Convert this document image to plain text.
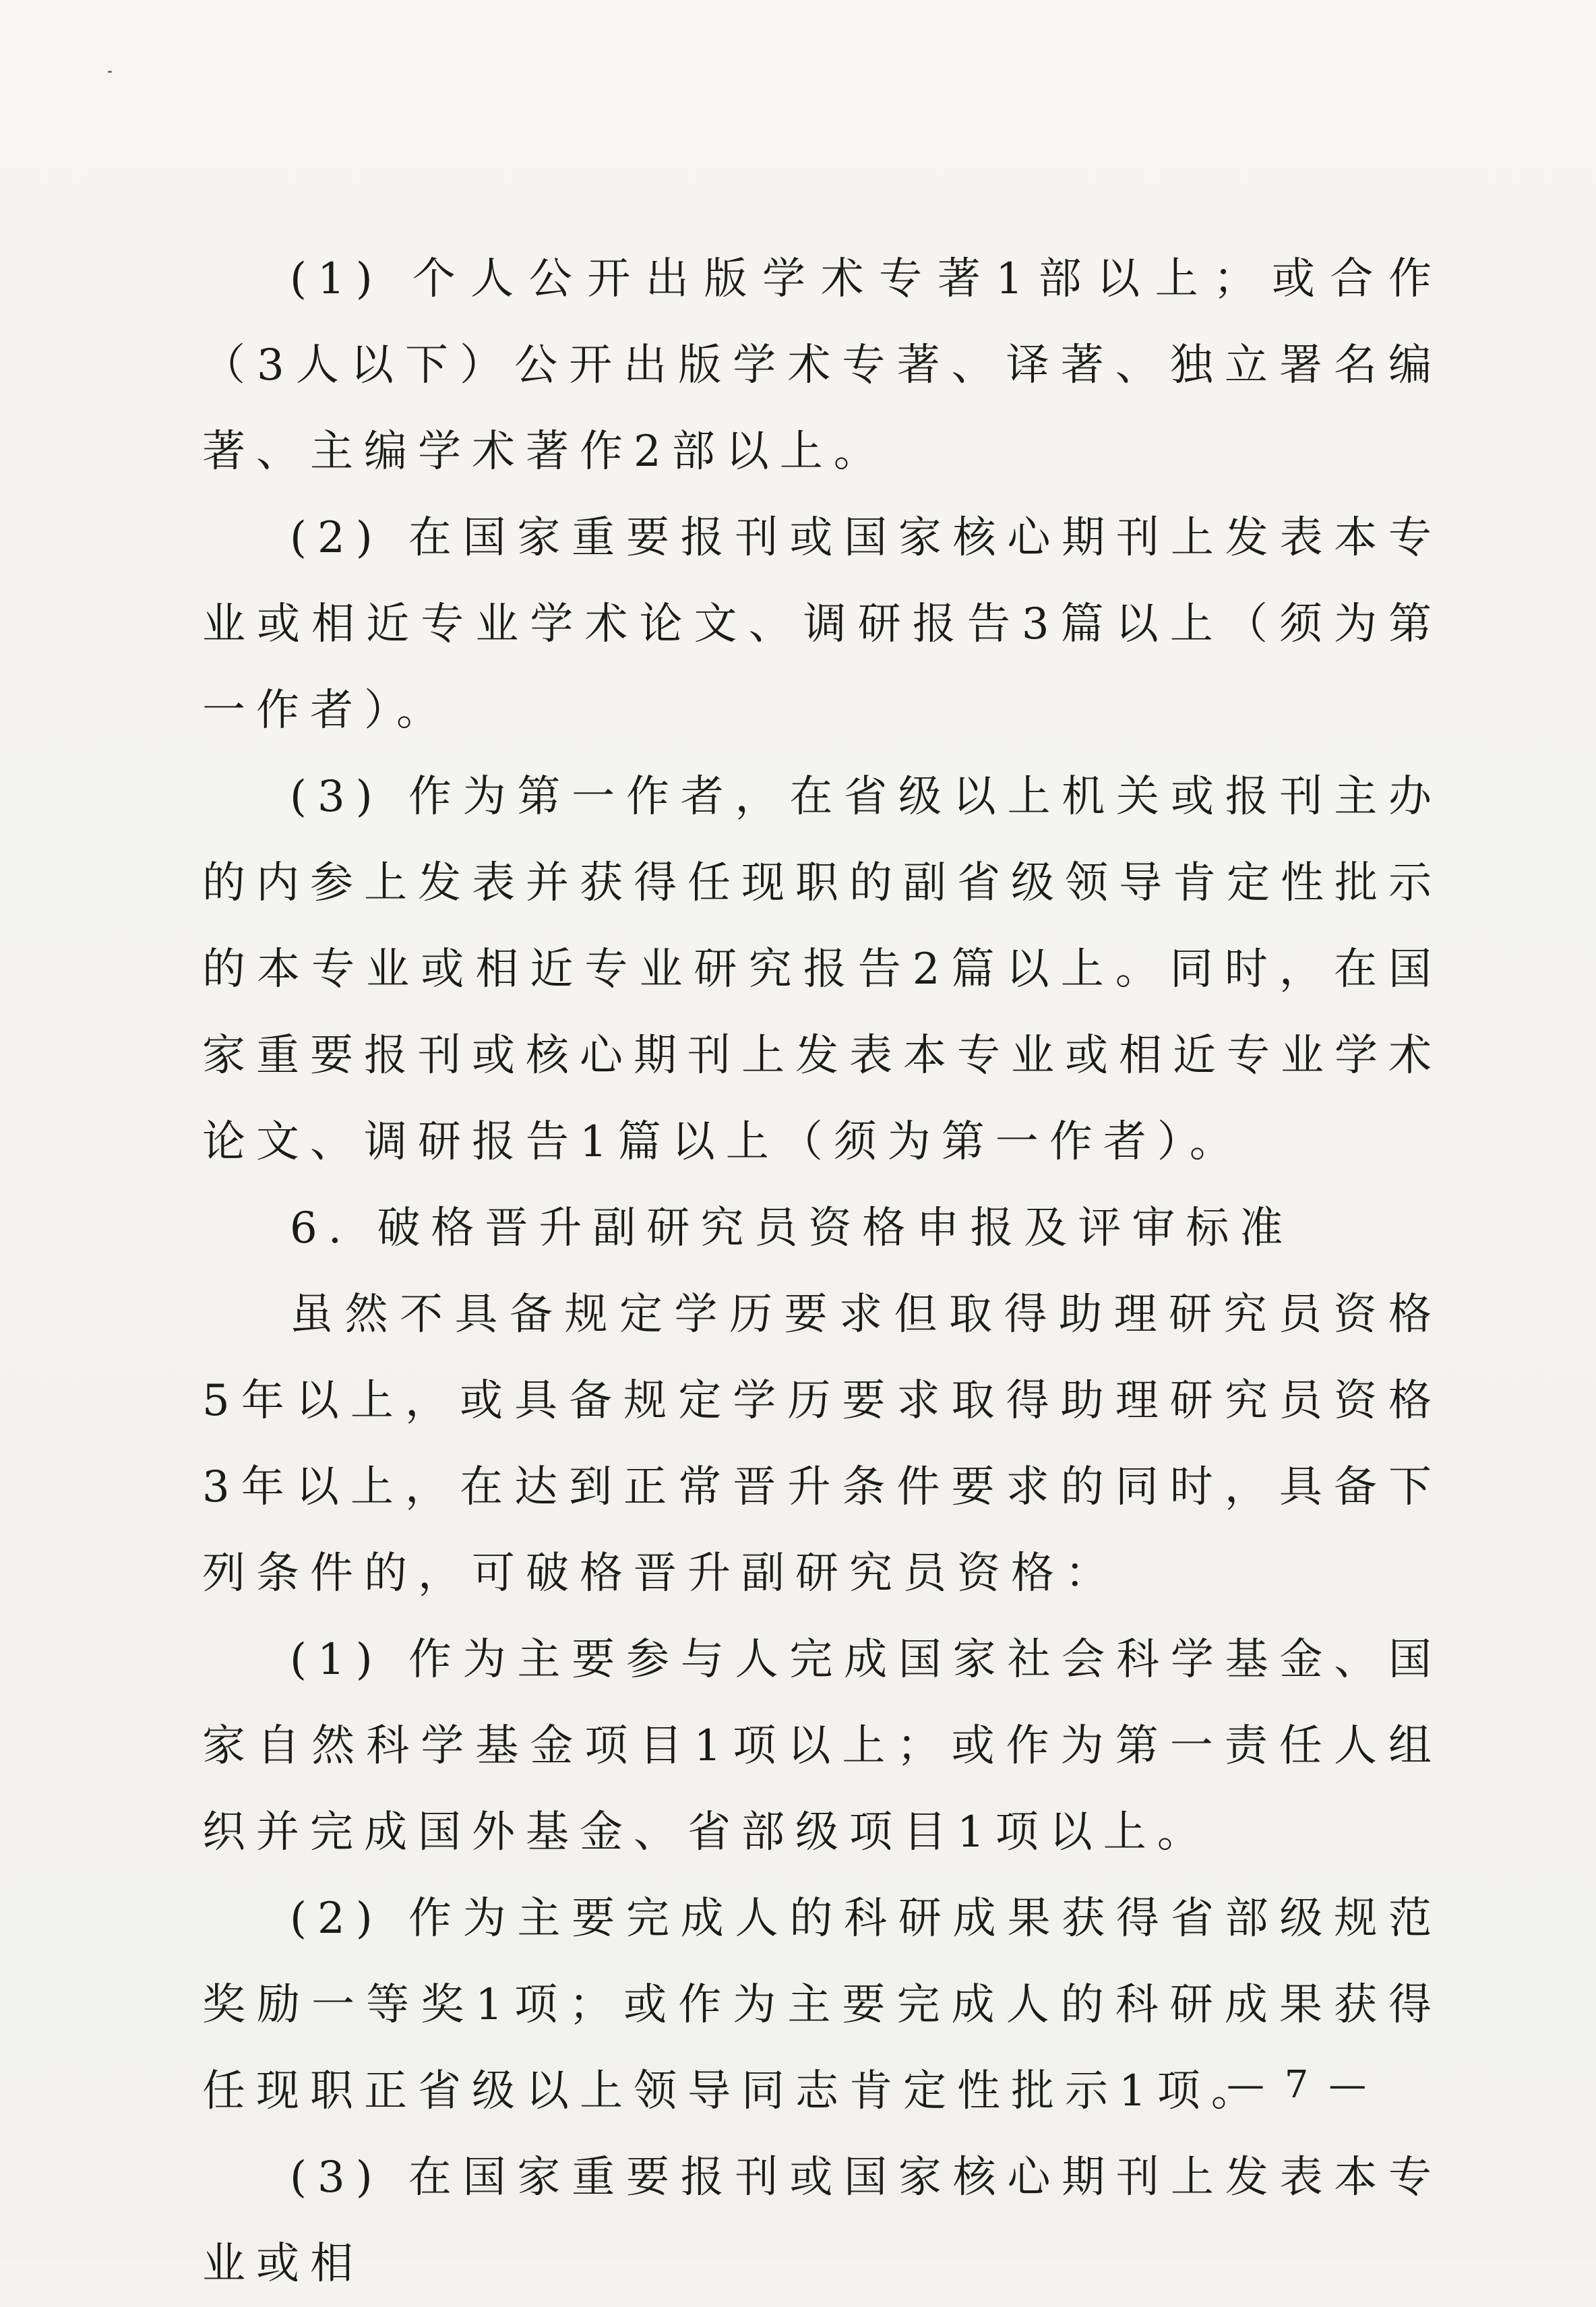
(1) 个人公开出版学术专著1部以上；或合作（3人以下）公开出版学术专著、译著、独立署名编著、主编学术著作2部以上。

(2) 在国家重要报刊或国家核心期刊上发表本专业或相近专业学术论文、调研报告3篇以上（须为第一作者）。

(3) 作为第一作者，在省级以上机关或报刊主办的内参上发表并获得任现职的副省级领导肯定性批示的本专业或相近专业研究报告2篇以上。同时，在国家重要报刊或核心期刊上发表本专业或相近专业学术论文、调研报告1篇以上（须为第一作者）。

6. 破格晋升副研究员资格申报及评审标准

虽然不具备规定学历要求但取得助理研究员资格5年以上，或具备规定学历要求取得助理研究员资格3年以上，在达到正常晋升条件要求的同时，具备下列条件的，可破格晋升副研究员资格：

(1) 作为主要参与人完成国家社会科学基金、国家自然科学基金项目1项以上；或作为第一责任人组织并完成国外基金、省部级项目1项以上。

(2) 作为主要完成人的科研成果获得省部级规范奖励一等奖1项；或作为主要完成人的科研成果获得任现职正省级以上领导同志肯定性批示1项。

(3) 在国家重要报刊或国家核心期刊上发表本专业或相

— 7 —
